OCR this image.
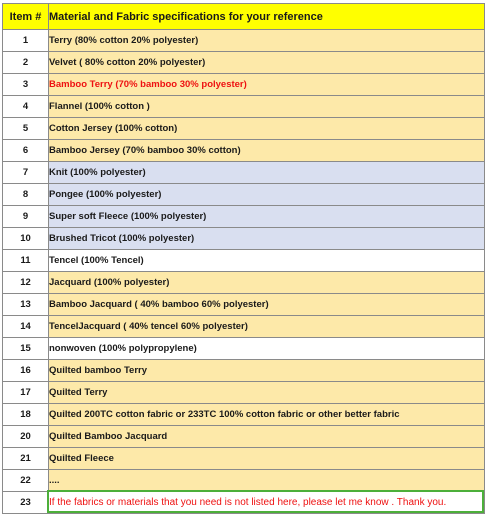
Item #	Material and Fabric specifications for your reference
1	Terry (80% cotton 20% polyester)
2	Velvet ( 80% cotton 20% polyester)
3	Bamboo Terry (70% bamboo 30% polyester)
4	Flannel (100% cotton )
5	Cotton Jersey (100% cotton)
6	Bamboo Jersey (70% bamboo 30% cotton)
7	Knit (100% polyester)
8	Pongee (100% polyester)
9	Super soft Fleece (100% polyester)
10	Brushed Tricot (100% polyester)
11	Tencel (100% Tencel)
12	Jacquard (100% polyester)
13	Bamboo Jacquard ( 40% bamboo 60% polyester)
14	TencelJacquard ( 40% tencel 60% polyester)
15	nonwoven (100% polypropylene)
16	Quilted bamboo Terry
17	Quilted Terry
18	Quilted 200TC cotton fabric or 233TC 100% cotton fabric or other better fabric
20	Quilted Bamboo Jacquard
21	Quilted Fleece
22	....
23	If the fabrics or materials that you need is not listed here, please let me know . Thank you.
